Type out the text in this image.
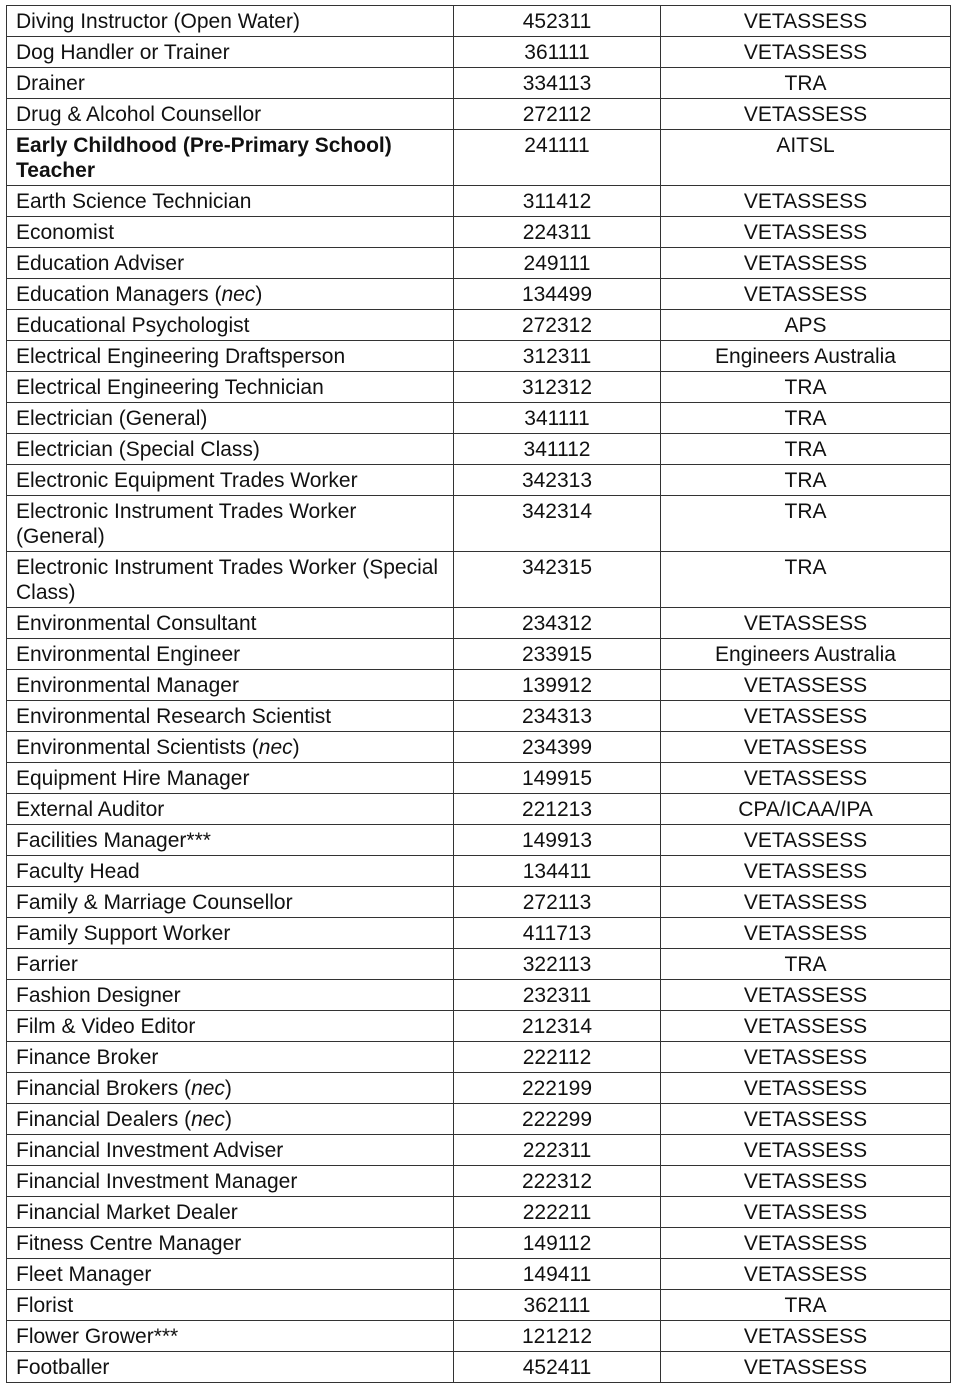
Diving Instructor (Open Water)	452311	VETASSESS
Dog Handler or Trainer	361111	VETASSESS
Drainer	334113	TRA
Drug & Alcohol Counsellor	272112	VETASSESS
Early Childhood (Pre-Primary School) Teacher	241111	AITSL
Earth Science Technician	311412	VETASSESS
Economist	224311	VETASSESS
Education Adviser	249111	VETASSESS
Education Managers (nec)	134499	VETASSESS
Educational Psychologist	272312	APS
Electrical Engineering Draftsperson	312311	Engineers Australia
Electrical Engineering Technician	312312	TRA
Electrician (General)	341111	TRA
Electrician (Special Class)	341112	TRA
Electronic Equipment Trades Worker	342313	TRA
Electronic Instrument Trades Worker (General)	342314	TRA
Electronic Instrument Trades Worker (Special Class)	342315	TRA
Environmental Consultant	234312	VETASSESS
Environmental Engineer	233915	Engineers Australia
Environmental Manager	139912	VETASSESS
Environmental Research Scientist	234313	VETASSESS
Environmental Scientists (nec)	234399	VETASSESS
Equipment Hire Manager	149915	VETASSESS
External Auditor	221213	CPA/ICAA/IPA
Facilities Manager***	149913	VETASSESS
Faculty Head	134411	VETASSESS
Family & Marriage Counsellor	272113	VETASSESS
Family Support Worker	411713	VETASSESS
Farrier	322113	TRA
Fashion Designer	232311	VETASSESS
Film & Video Editor	212314	VETASSESS
Finance Broker	222112	VETASSESS
Financial Brokers (nec)	222199	VETASSESS
Financial Dealers (nec)	222299	VETASSESS
Financial Investment Adviser	222311	VETASSESS
Financial Investment Manager	222312	VETASSESS
Financial Market Dealer	222211	VETASSESS
Fitness Centre Manager	149112	VETASSESS
Fleet Manager	149411	VETASSESS
Florist	362111	TRA
Flower Grower***	121212	VETASSESS
Footballer	452411	VETASSESS
